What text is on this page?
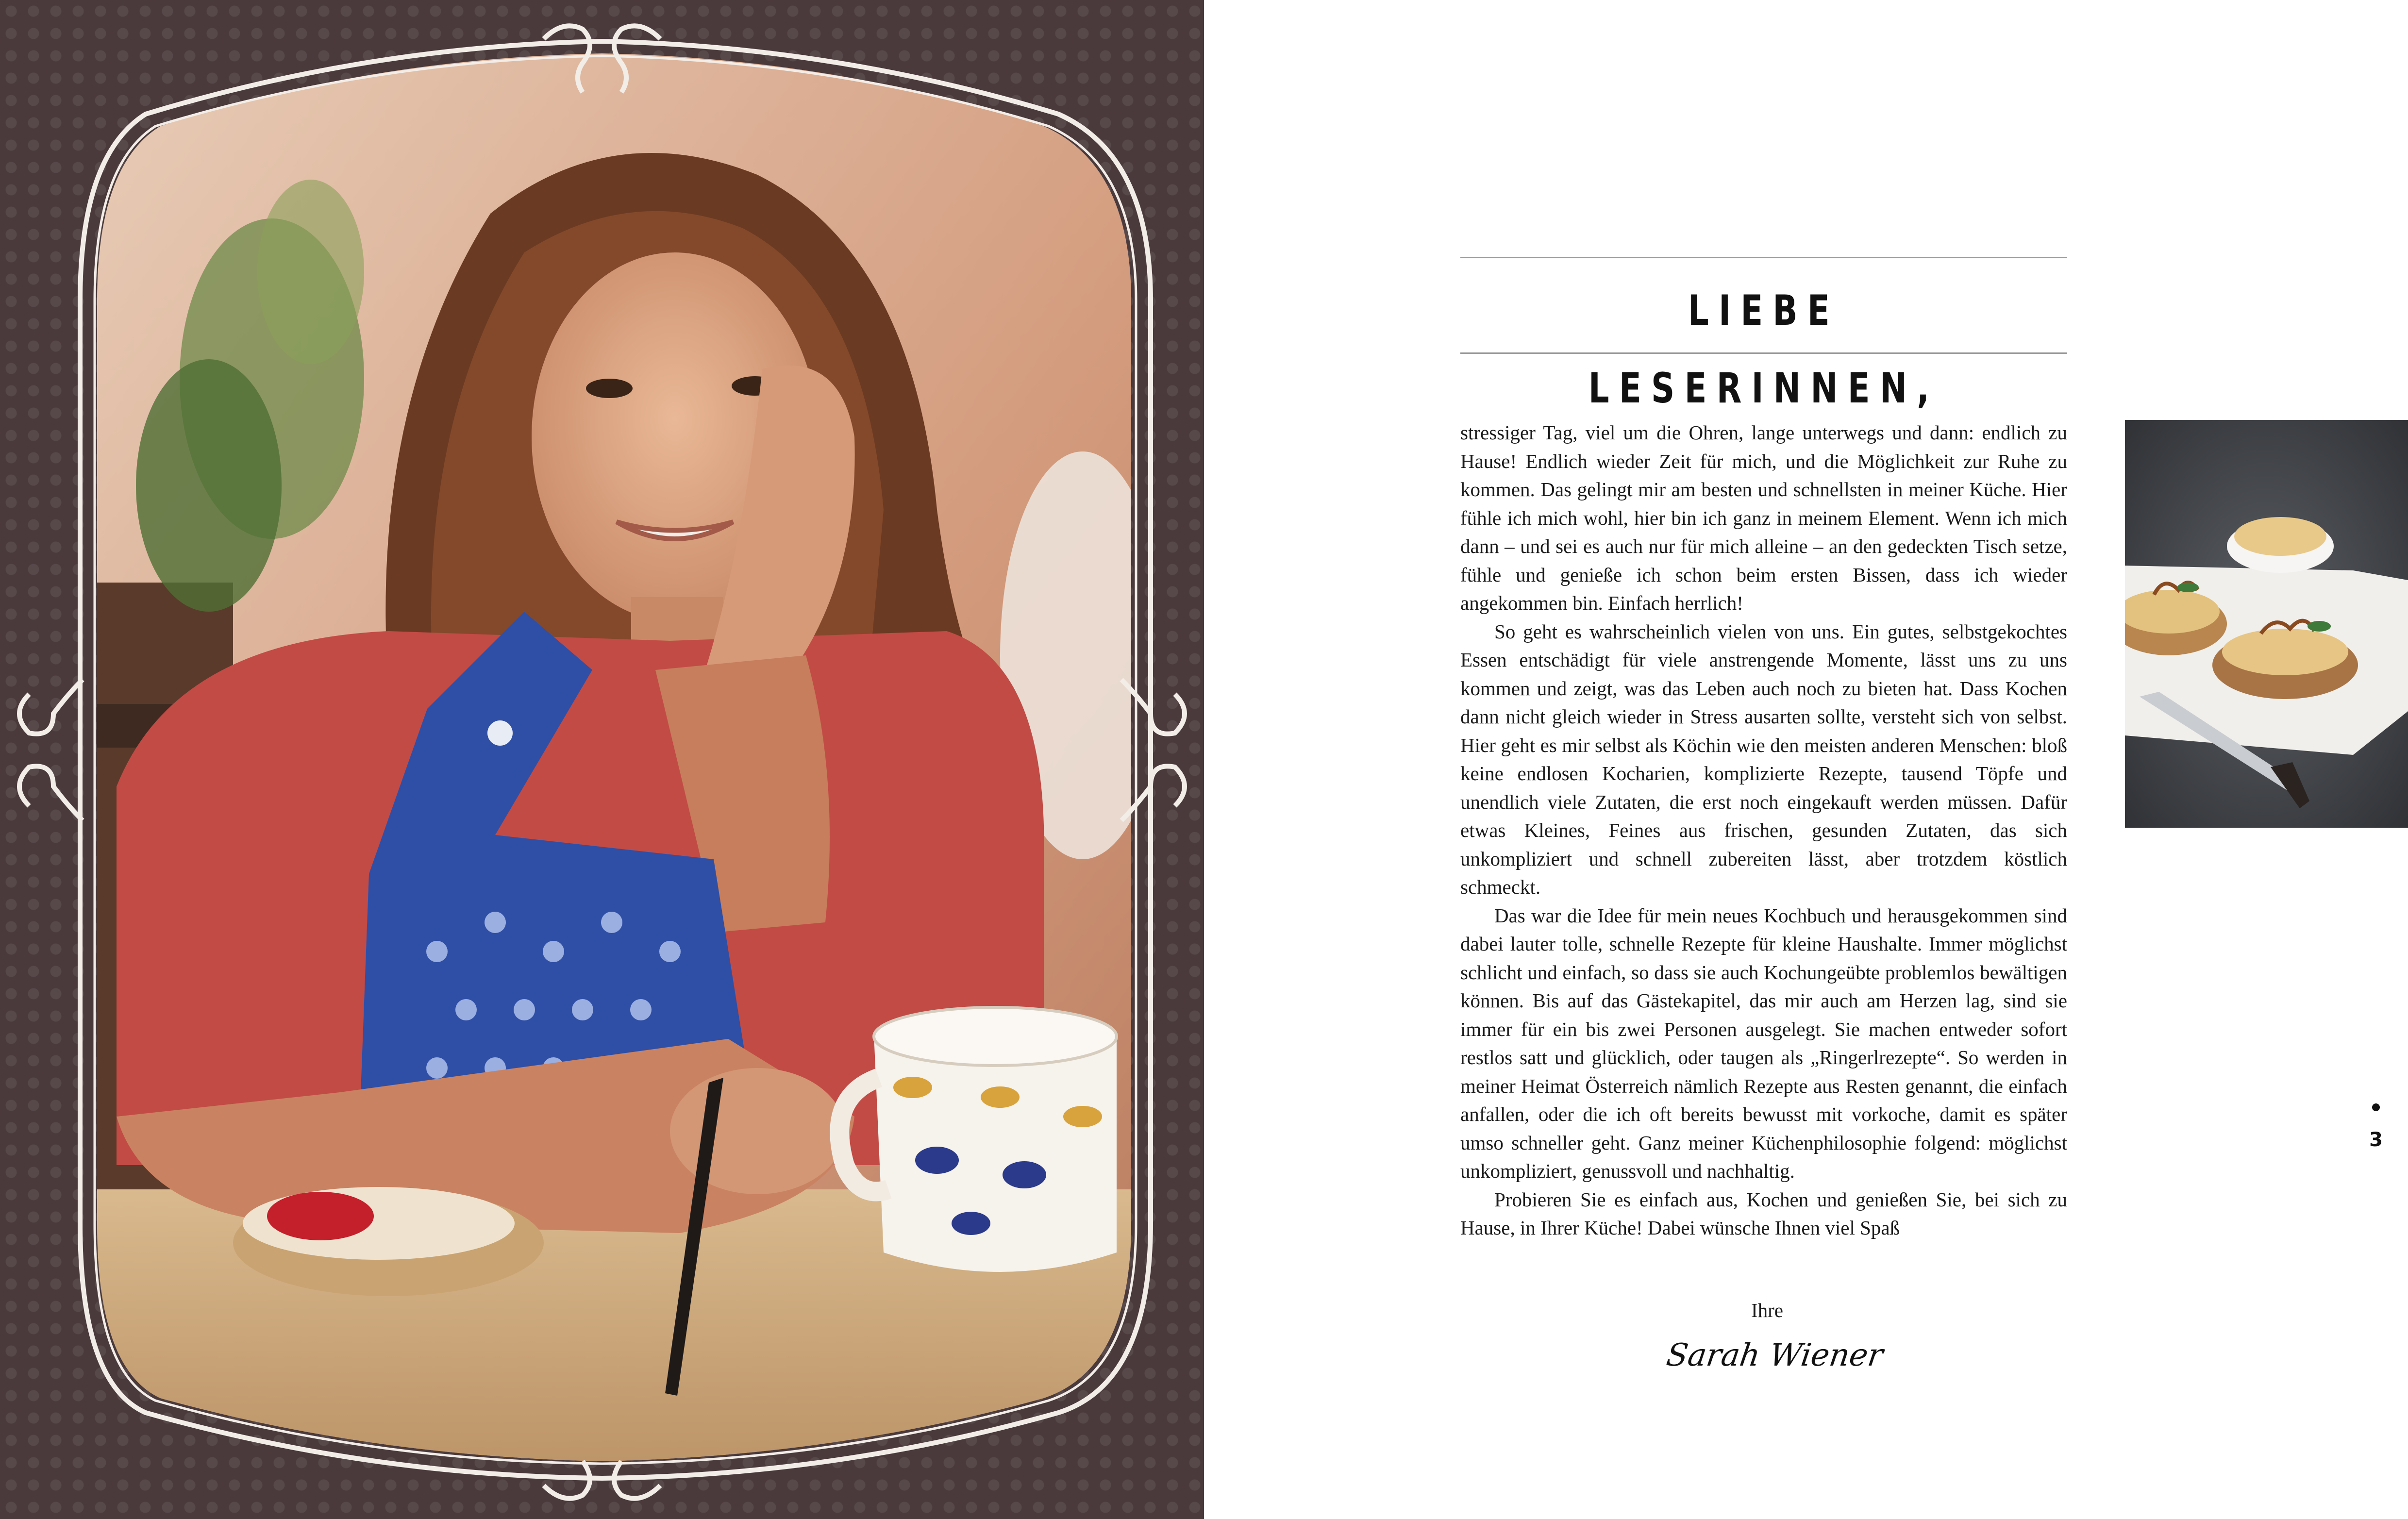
LIEBE LESERINNEN,

stressiger Tag, viel um die Ohren, lange unterwegs und dann: endlich zu Hause! Endlich wieder Zeit für mich, und die Möglichkeit zur Ruhe zu kommen. Das gelingt mir am besten und schnellsten in meiner Küche. Hier fühle ich mich wohl, hier bin ich ganz in meinem Element. Wenn ich mich dann – und sei es auch nur für mich alleine – an den gedeckten Tisch setze, fühle und genieße ich schon beim ersten Bissen, dass ich wieder angekommen bin. Einfach herrlich!

So geht es wahrscheinlich vielen von uns. Ein gutes, selbstgekochtes Essen entschädigt für viele anstrengende Momente, lässt uns zu uns kommen und zeigt, was das Leben auch noch zu bieten hat. Dass Kochen dann nicht gleich wieder in Stress ausarten sollte, versteht sich von selbst. Hier geht es mir selbst als Köchin wie den meisten anderen Menschen: bloß keine endlosen Kocharien, komplizierte Rezepte, tausend Töpfe und unendlich viele Zutaten, die erst noch eingekauft werden müssen. Dafür etwas Kleines, Feines aus frischen, gesunden Zutaten, das sich unkompliziert und schnell zubereiten lässt, aber trotzdem köstlich schmeckt.

Das war die Idee für mein neues Kochbuch und herausgekommen sind dabei lauter tolle, schnelle Rezepte für kleine Haushalte. Immer möglichst schlicht und einfach, so dass sie auch Kochungeübte problemlos bewältigen können. Bis auf das Gästekapitel, das mir auch am Herzen lag, sind sie immer für ein bis zwei Personen ausgelegt. Sie machen entweder sofort restlos satt und glücklich, oder taugen als „Ringerlrezepte“. So werden in meiner Heimat Österreich nämlich Rezepte aus Resten genannt, die einfach anfallen, oder die ich oft bereits bewusst mit vorkoche, damit es später umso schneller geht. Ganz meiner Küchenphilosophie folgend: möglichst unkompliziert, genussvoll und nachhaltig.

Probieren Sie es einfach aus, Kochen und genießen Sie, bei sich zu Hause, in Ihrer Küche! Dabei wünsche Ihnen viel Spaß

Ihre
Sarah Wiener
3
